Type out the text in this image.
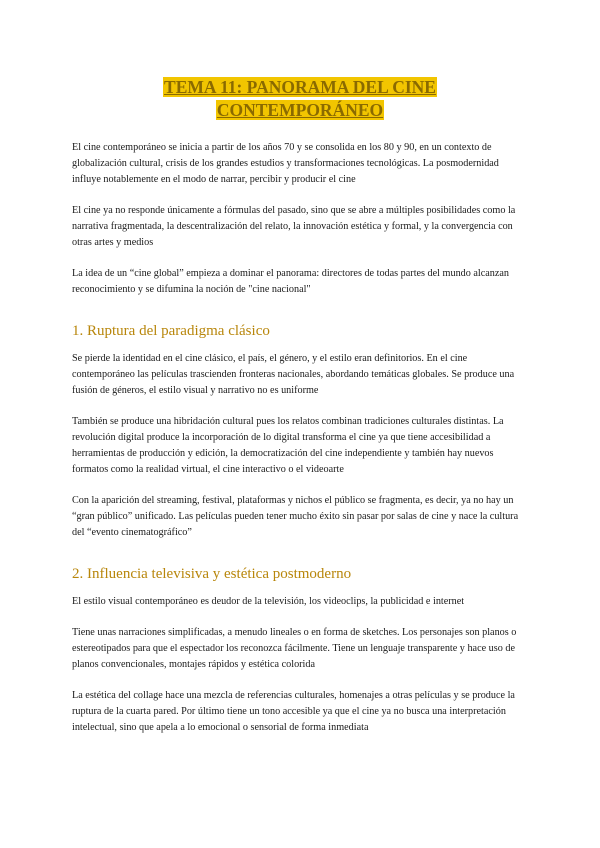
TEMA 11: PANORAMA DEL CINE
CONTEMPORÁNEO

El cine contemporáneo se inicia a partir de los años 70 y se consolida en los 80 y 90, en un contexto de globalización cultural, crisis de los grandes estudios y transformaciones tecnológicas. La posmodernidad influye notablemente en el modo de narrar, percibir y producir el cine

El cine ya no responde únicamente a fórmulas del pasado, sino que se abre a múltiples posibilidades como la narrativa fragmentada, la descentralización del relato, la innovación estética y formal, y la convergencia con otras artes y medios

La idea de un “cine global” empieza a dominar el panorama: directores de todas partes del mundo alcanzan reconocimiento y se difumina la noción de "cine nacional"

1. Ruptura del paradigma clásico

Se pierde la identidad en el cine clásico, el país, el género, y el estilo eran definitorios. En el cine contemporáneo las películas trascienden fronteras nacionales, abordando temáticas globales. Se produce una fusión de géneros, el estilo visual y narrativo no es uniforme

También se produce una hibridación cultural pues los relatos combinan tradiciones culturales distintas. La revolución digital produce la incorporación de lo digital transforma el cine ya que tiene accesibilidad a herramientas de producción y edición, la democratización del cine independiente y también hay nuevos formatos como la realidad virtual, el cine interactivo o el videoarte

Con la aparición del streaming, festival, plataformas y nichos el público se fragmenta, es decir, ya no hay un “gran público” unificado. Las películas pueden tener mucho éxito sin pasar por salas de cine y nace la cultura del “evento cinematográfico”

2. Influencia televisiva y estética postmoderno

El estilo visual contemporáneo es deudor de la televisión, los videoclips, la publicidad e internet

Tiene unas narraciones simplificadas, a menudo lineales o en forma de sketches. Los personajes son planos o estereotipados para que el espectador los reconozca fácilmente. Tiene un lenguaje transparente y hace uso de planos convencionales, montajes rápidos y estética colorida

La estética del collage hace una mezcla de referencias culturales, homenajes a otras películas y se produce la ruptura de la cuarta pared. Por último tiene un tono accesible ya que el cine ya no busca una interpretación intelectual, sino que apela a lo emocional o sensorial de forma inmediata
